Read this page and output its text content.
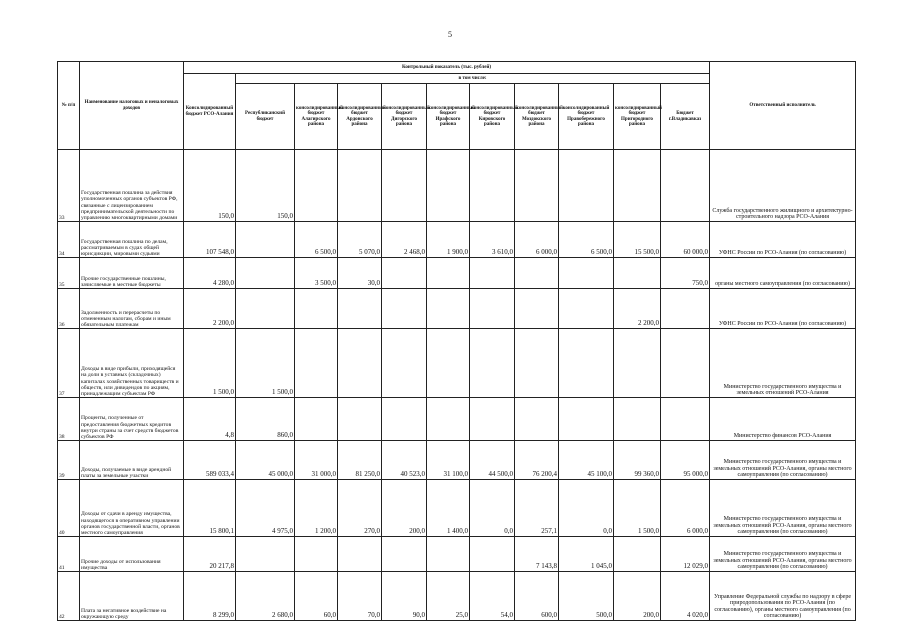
5
№ п/п	Наименование налоговых и неналоговых доходов	Контрольный показатель (тыс. рублей)											Ответственный исполнитель
		Консолидированный бюджет РСО-Алания	в том числе:										
			Республиканский бюджет	консолидированный бюджет Алагирского района	консолидированный бюджет Ардонского района	консолидированный бюджет Дигорского района	консолидированный бюджет Ирафского района	консолидированный бюджет Кировского района	консолидированный бюджет Моздокского района	консолидированный бюджет Правобережного района	консолидированный бюджет Пригородного района	Бюджет г.Владикавказ	
33	Государственная пошлина за действия уполномоченных органов субъектов РФ, связанные с лицензированием предпринимательской деятельности по управлению многоквартирными домами	150,0	150,0										Служба государственного жилищного и архитектурно-строительного надзора РСО-Алания
34	Государственная пошлина по делам, рассматриваемым в судах общей юрисдикции, мировыми судьями	107 548,0		6 500,0	5 070,0	2 468,0	1 900,0	3 610,0	6 000,0	6 500,0	15 500,0	60 000,0	УФНС России по РСО-Алания (по согласованию)
35	Прочие государственные пошлины, зачисляемые в местные бюджеты	4 280,0		3 500,0	30,0							750,0	органы местного самоуправления (по согласованию)
36	Задолженность и перерасчеты по отмененным налогам, сборам и иным обязательным платежам	2 200,0									2 200,0		УФНС России по РСО-Алания (по согласованию)
37	Доходы в виде прибыли, приходящейся на доли в уставных (складочных) капиталах хозяйственных товариществ и обществ, или дивидендов по акциям, принадлежащим субъектам РФ	1 500,0	1 500,0										Министерство государственного имущества и земельных отношений РСО-Алания
38	Проценты, полученные от предоставления бюджетных кредитов внутри страны за счет средств бюджетов субъектов РФ	4,8	860,0										Министерство финансов РСО-Алания
39	Доходы, получаемые в виде арендной платы за земельные участки	589 033,4	45 000,0	31 000,0	81 250,0	40 523,0	31 100,0	44 500,0	76 200,4	45 100,0	99 360,0	95 000,0	Министерство государственного имущества и земельных отношений РСО-Алания, органы местного самоуправления (по согласованию)
40	Доходы от сдачи в аренду имущества, находящегося в оперативном управлении органов государственной власти, органов местного самоуправления	15 800,1	4 975,0	1 200,0	270,0	200,0	1 400,0	0,0	257,1	0,0	1 500,0	6 000,0	Министерство государственного имущества и земельных отношений РСО-Алания, органы местного самоуправления (по согласованию)
41	Прочие доходы от использования имущества	20 217,8							7 143,8	1 045,0		12 029,0	Министерство государственного имущества и земельных отношений РСО-Алания, органы местного самоуправления (по согласованию)
42	Плата за негативное воздействие на окружающую среду	8 299,0	2 680,0	60,0	70,0	90,0	25,0	54,0	600,0	500,0	200,0	4 020,0	Управление Федеральной службы по надзору в сфере природопользования по РСО-Алания (по согласованию), органы местного самоуправления (по согласованию)
